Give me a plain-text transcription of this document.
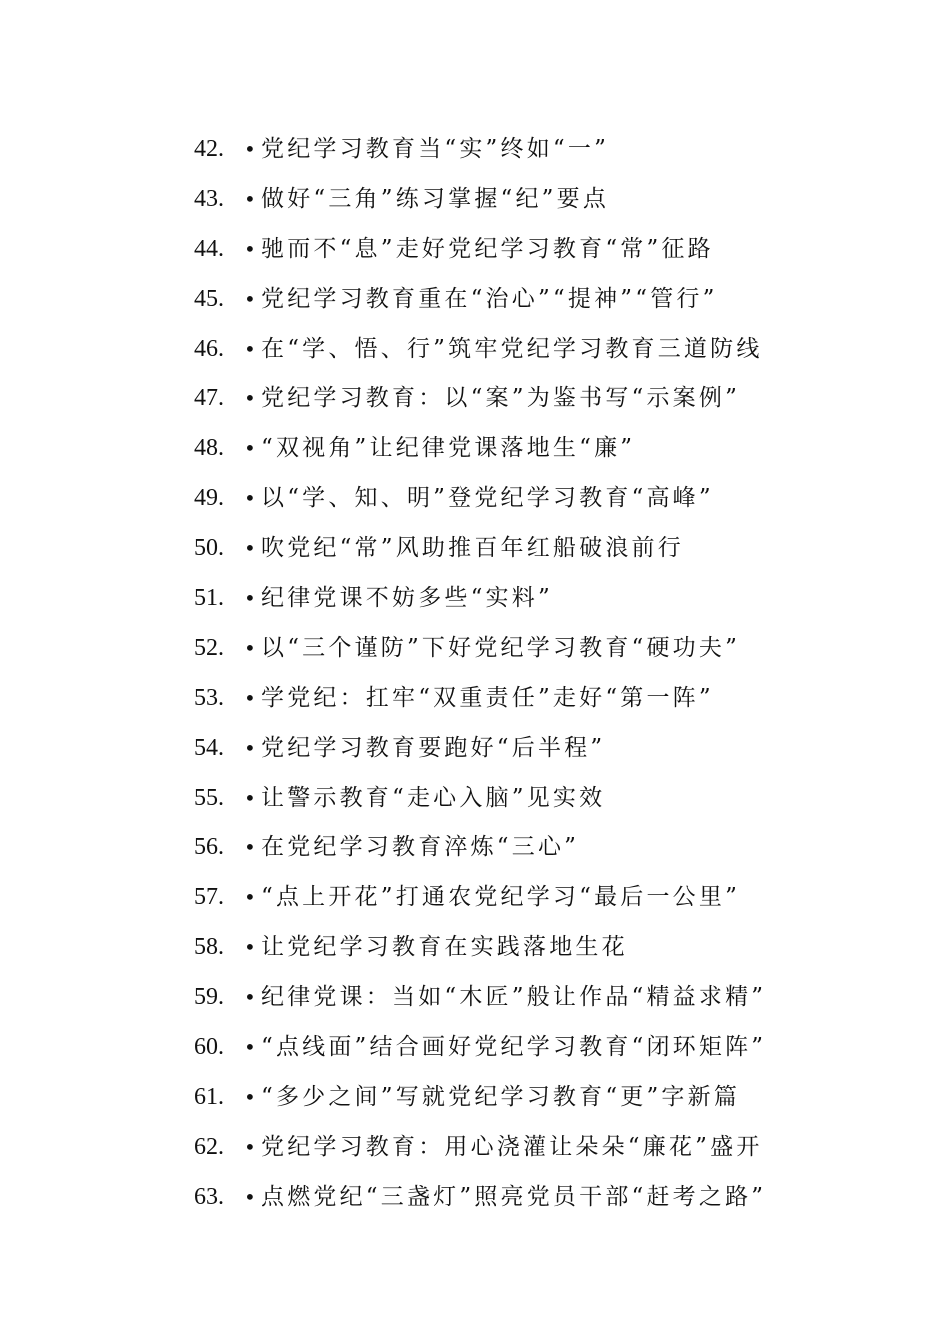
42. • 党纪学习教育当“实”终如“一”
43. • 做好“三角”练习掌握“纪”要点
44. • 驰而不“息”走好党纪学习教育“常”征路
45. • 党纪学习教育重在“治心”“提神”“管行”
46. • 在“学、悟、行”筑牢党纪学习教育三道防线
47. • 党纪学习教育：以“案”为鉴书写“示案例”
48. • “双视角”让纪律党课落地生“廉”
49. • 以“学、知、明”登党纪学习教育“高峰”
50. • 吹党纪“常”风助推百年红船破浪前行
51. • 纪律党课不妨多些“实料”
52. • 以“三个谨防”下好党纪学习教育“硬功夫”
53. • 学党纪：扛牢“双重责任”走好“第一阵”
54. • 党纪学习教育要跑好“后半程”
55. • 让警示教育“走心入脑”见实效
56. • 在党纪学习教育淬炼“三心”
57. • “点上开花”打通农党纪学习“最后一公里”
58. • 让党纪学习教育在实践落地生花
59. • 纪律党课：当如“木匠”般让作品“精益求精”
60. • “点线面”结合画好党纪学习教育“闭环矩阵”
61. • “多少之间”写就党纪学习教育“更”字新篇
62. • 党纪学习教育：用心浇灌让朵朵“廉花”盛开
63. • 点燃党纪“三盏灯”照亮党员干部“赶考之路”
